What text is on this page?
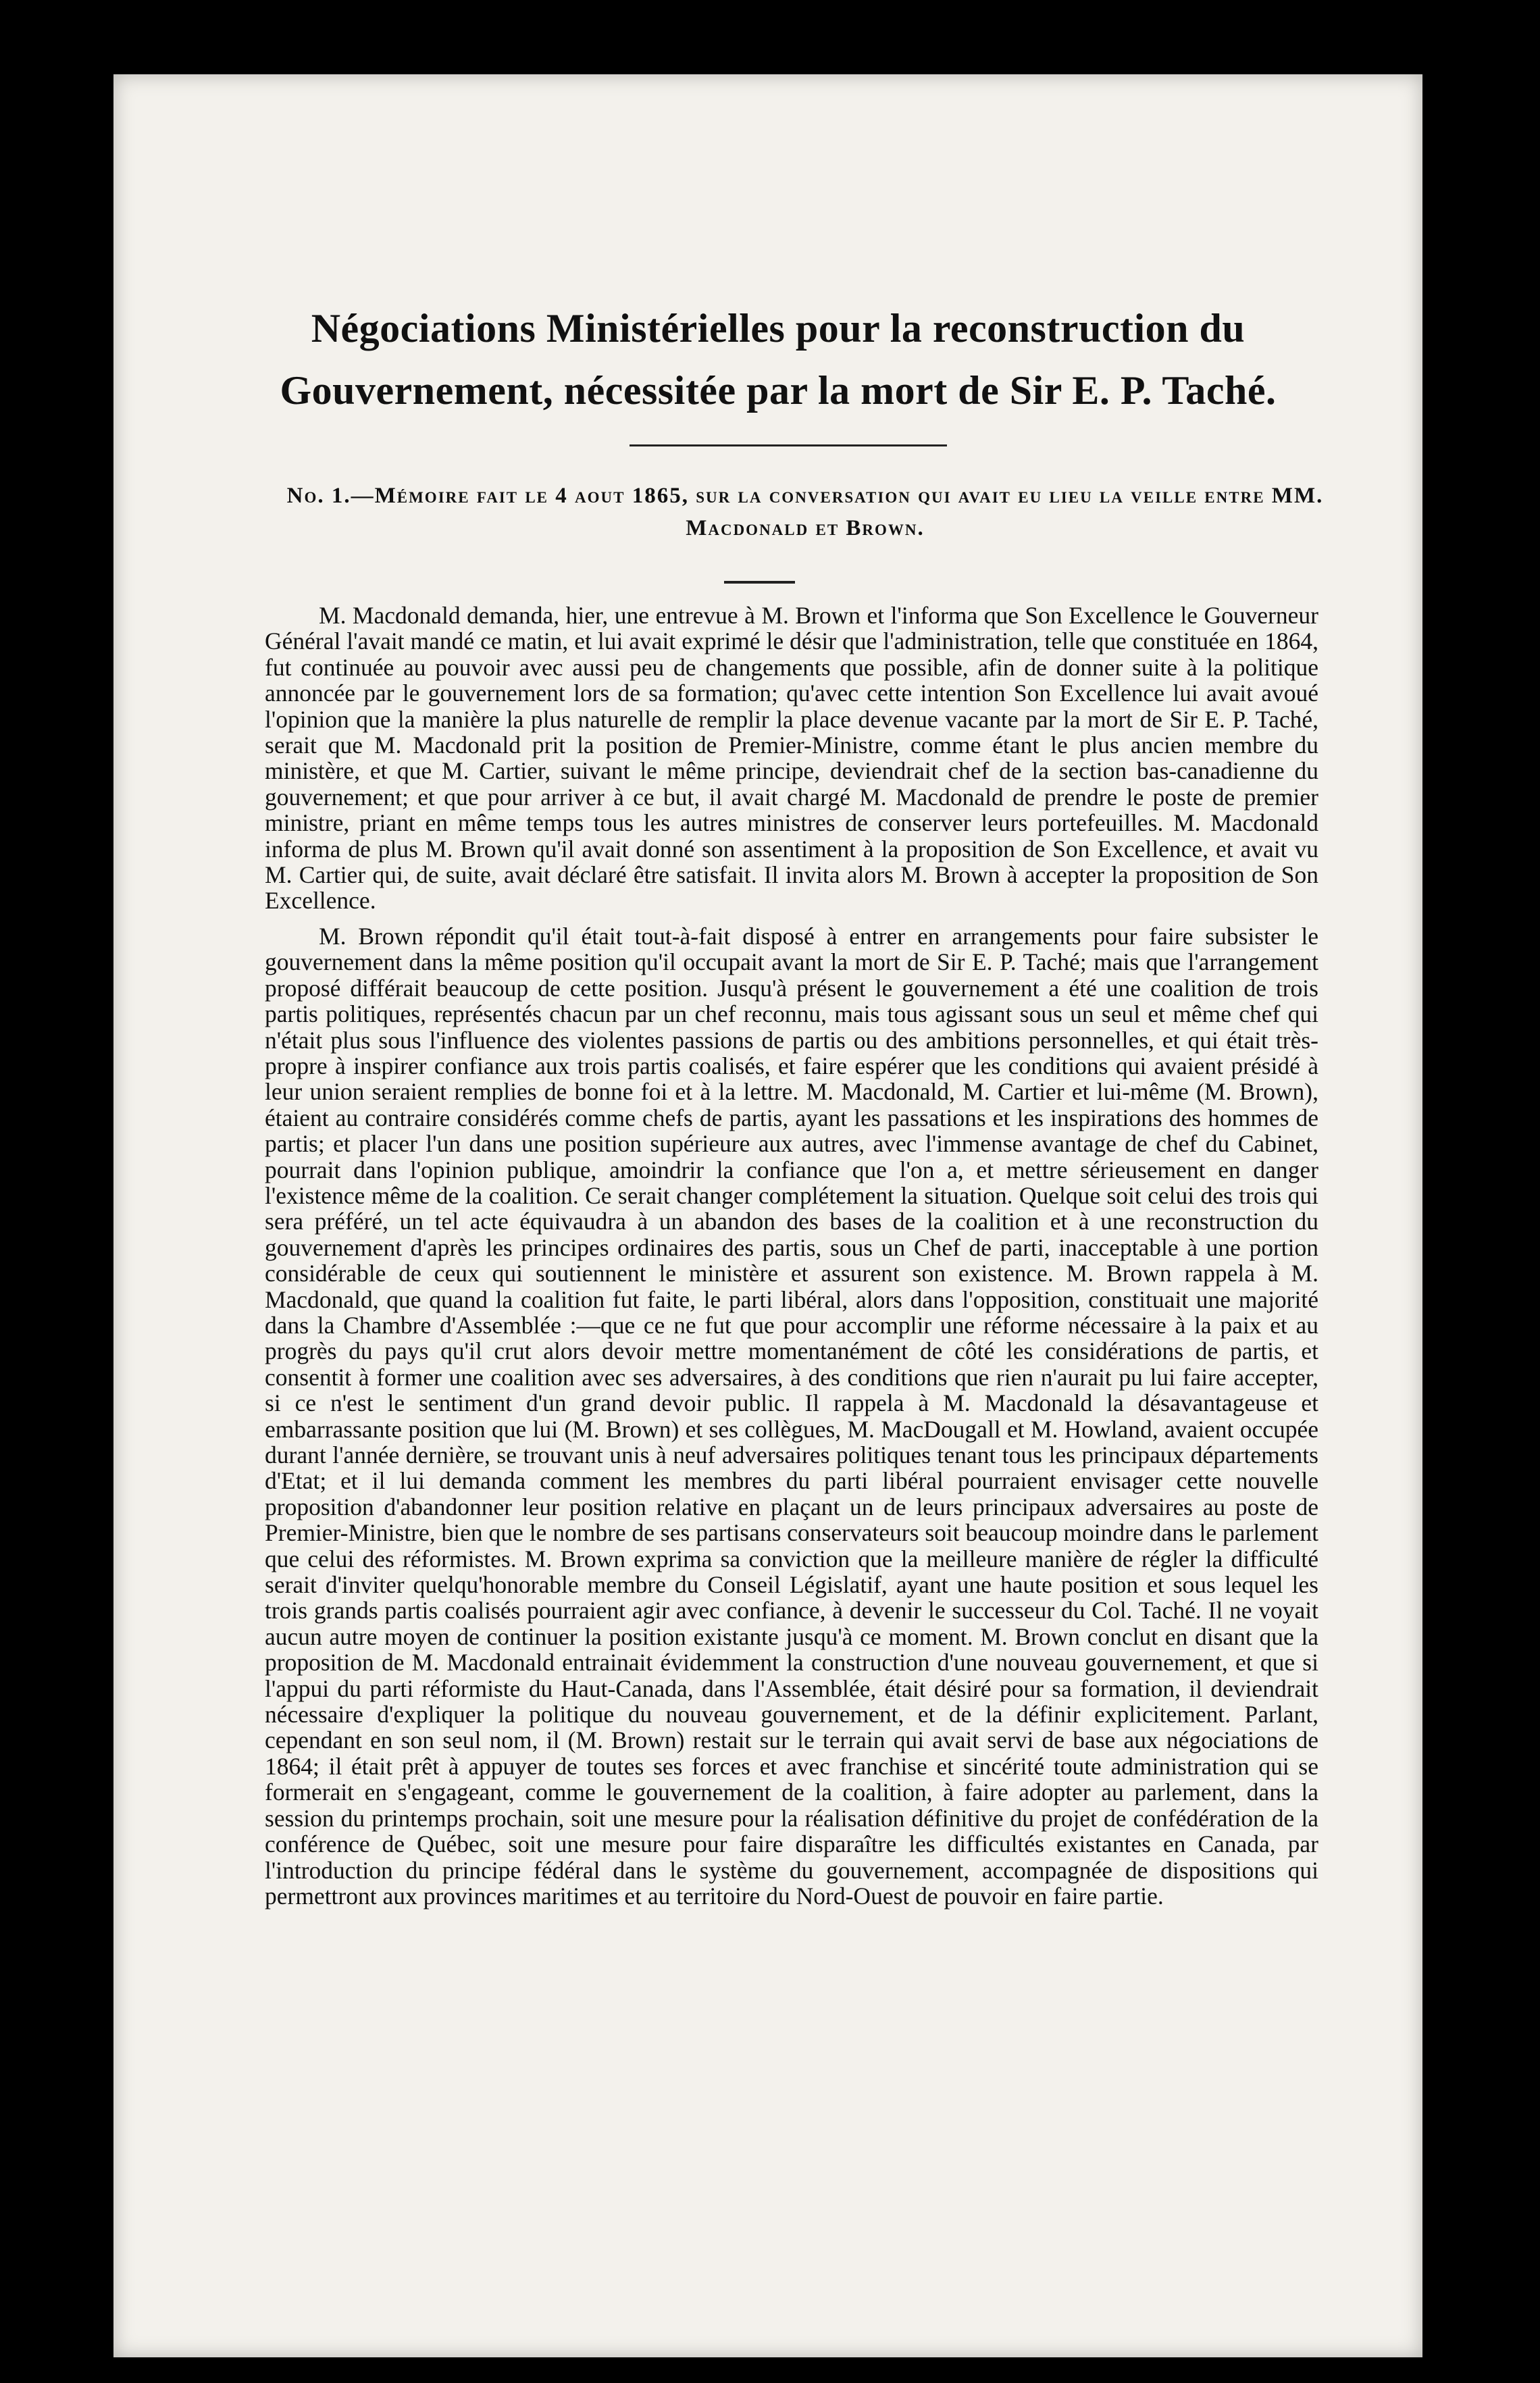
Négociations Ministérielles pour la reconstruction du Gouvernement, nécessitée par la mort de Sir E. P. Taché.
No. 1.—Mémoire fait le 4 aout 1865, sur la conversation qui avait eu lieu la veille entre MM. Macdonald et Brown.

M. Macdonald demanda, hier, une entrevue à M. Brown et l'informa que Son Excellence le Gouverneur Général l'avait mandé ce matin, et lui avait exprimé le désir que l'administration, telle que constituée en 1864, fut continuée au pouvoir avec aussi peu de changements que possible, afin de donner suite à la politique annoncée par le gouvernement lors de sa formation; qu'avec cette intention Son Excellence lui avait avoué l'opinion que la manière la plus naturelle de remplir la place devenue vacante par la mort de Sir E. P. Taché, serait que M. Macdonald prit la position de Premier-Ministre, comme étant le plus ancien membre du ministère, et que M. Cartier, suivant le même principe, deviendrait chef de la section bas-canadienne du gouvernement; et que pour arriver à ce but, il avait chargé M. Macdonald de prendre le poste de premier ministre, priant en même temps tous les autres ministres de conserver leurs portefeuilles. M. Macdonald informa de plus M. Brown qu'il avait donné son assentiment à la proposition de Son Excellence, et avait vu M. Cartier qui, de suite, avait déclaré être satisfait. Il invita alors M. Brown à accepter la proposition de Son Excellence.

M. Brown répondit qu'il était tout-à-fait disposé à entrer en arrangements pour faire subsister le gouvernement dans la même position qu'il occupait avant la mort de Sir E. P. Taché; mais que l'arrangement proposé différait beaucoup de cette position. Jusqu'à présent le gouvernement a été une coalition de trois partis politiques, représentés chacun par un chef reconnu, mais tous agissant sous un seul et même chef qui n'était plus sous l'influence des violentes passions de partis ou des ambitions personnelles, et qui était très-propre à inspirer confiance aux trois partis coalisés, et faire espérer que les conditions qui avaient présidé à leur union seraient remplies de bonne foi et à la lettre. M. Macdonald, M. Cartier et lui-même (M. Brown), étaient au contraire considérés comme chefs de partis, ayant les passations et les inspirations des hommes de partis; et placer l'un dans une position supérieure aux autres, avec l'immense avantage de chef du Cabinet, pourrait dans l'opinion publique, amoindrir la confiance que l'on a, et mettre sérieusement en danger l'existence même de la coalition. Ce serait changer complétement la situation. Quelque soit celui des trois qui sera préféré, un tel acte équivaudra à un abandon des bases de la coalition et à une reconstruction du gouvernement d'après les principes ordinaires des partis, sous un Chef de parti, inacceptable à une portion considérable de ceux qui soutiennent le ministère et assurent son existence. M. Brown rappela à M. Macdonald, que quand la coalition fut faite, le parti libéral, alors dans l'opposition, constituait une majorité dans la Chambre d'Assemblée :—que ce ne fut que pour accomplir une réforme nécessaire à la paix et au progrès du pays qu'il crut alors devoir mettre momentanément de côté les considérations de partis, et consentit à former une coalition avec ses adversaires, à des conditions que rien n'aurait pu lui faire accepter, si ce n'est le sentiment d'un grand devoir public. Il rappela à M. Macdonald la désavantageuse et embarrassante position que lui (M. Brown) et ses collègues, M. MacDougall et M. Howland, avaient occupée durant l'année dernière, se trouvant unis à neuf adversaires politiques tenant tous les principaux départements d'Etat; et il lui demanda comment les membres du parti libéral pourraient envisager cette nouvelle proposition d'abandonner leur position relative en plaçant un de leurs principaux adversaires au poste de Premier-Ministre, bien que le nombre de ses partisans conservateurs soit beaucoup moindre dans le parlement que celui des réformistes. M. Brown exprima sa conviction que la meilleure manière de régler la difficulté serait d'inviter quelqu'honorable membre du Conseil Législatif, ayant une haute position et sous lequel les trois grands partis coalisés pourraient agir avec confiance, à devenir le successeur du Col. Taché. Il ne voyait aucun autre moyen de continuer la position existante jusqu'à ce moment. M. Brown conclut en disant que la proposition de M. Macdonald entrainait évidemment la construction d'une nouveau gouvernement, et que si l'appui du parti réformiste du Haut-Canada, dans l'Assemblée, était désiré pour sa formation, il deviendrait nécessaire d'expliquer la politique du nouveau gouvernement, et de la définir explicitement. Parlant, cependant en son seul nom, il (M. Brown) restait sur le terrain qui avait servi de base aux négociations de 1864; il était prêt à appuyer de toutes ses forces et avec franchise et sincérité toute administration qui se formerait en s'engageant, comme le gouvernement de la coalition, à faire adopter au parlement, dans la session du printemps prochain, soit une mesure pour la réalisation définitive du projet de confédération de la conférence de Québec, soit une mesure pour faire disparaître les difficultés existantes en Canada, par l'introduction du principe fédéral dans le système du gouvernement, accompagnée de dispositions qui permettront aux provinces maritimes et au territoire du Nord-Ouest de pouvoir en faire partie.
